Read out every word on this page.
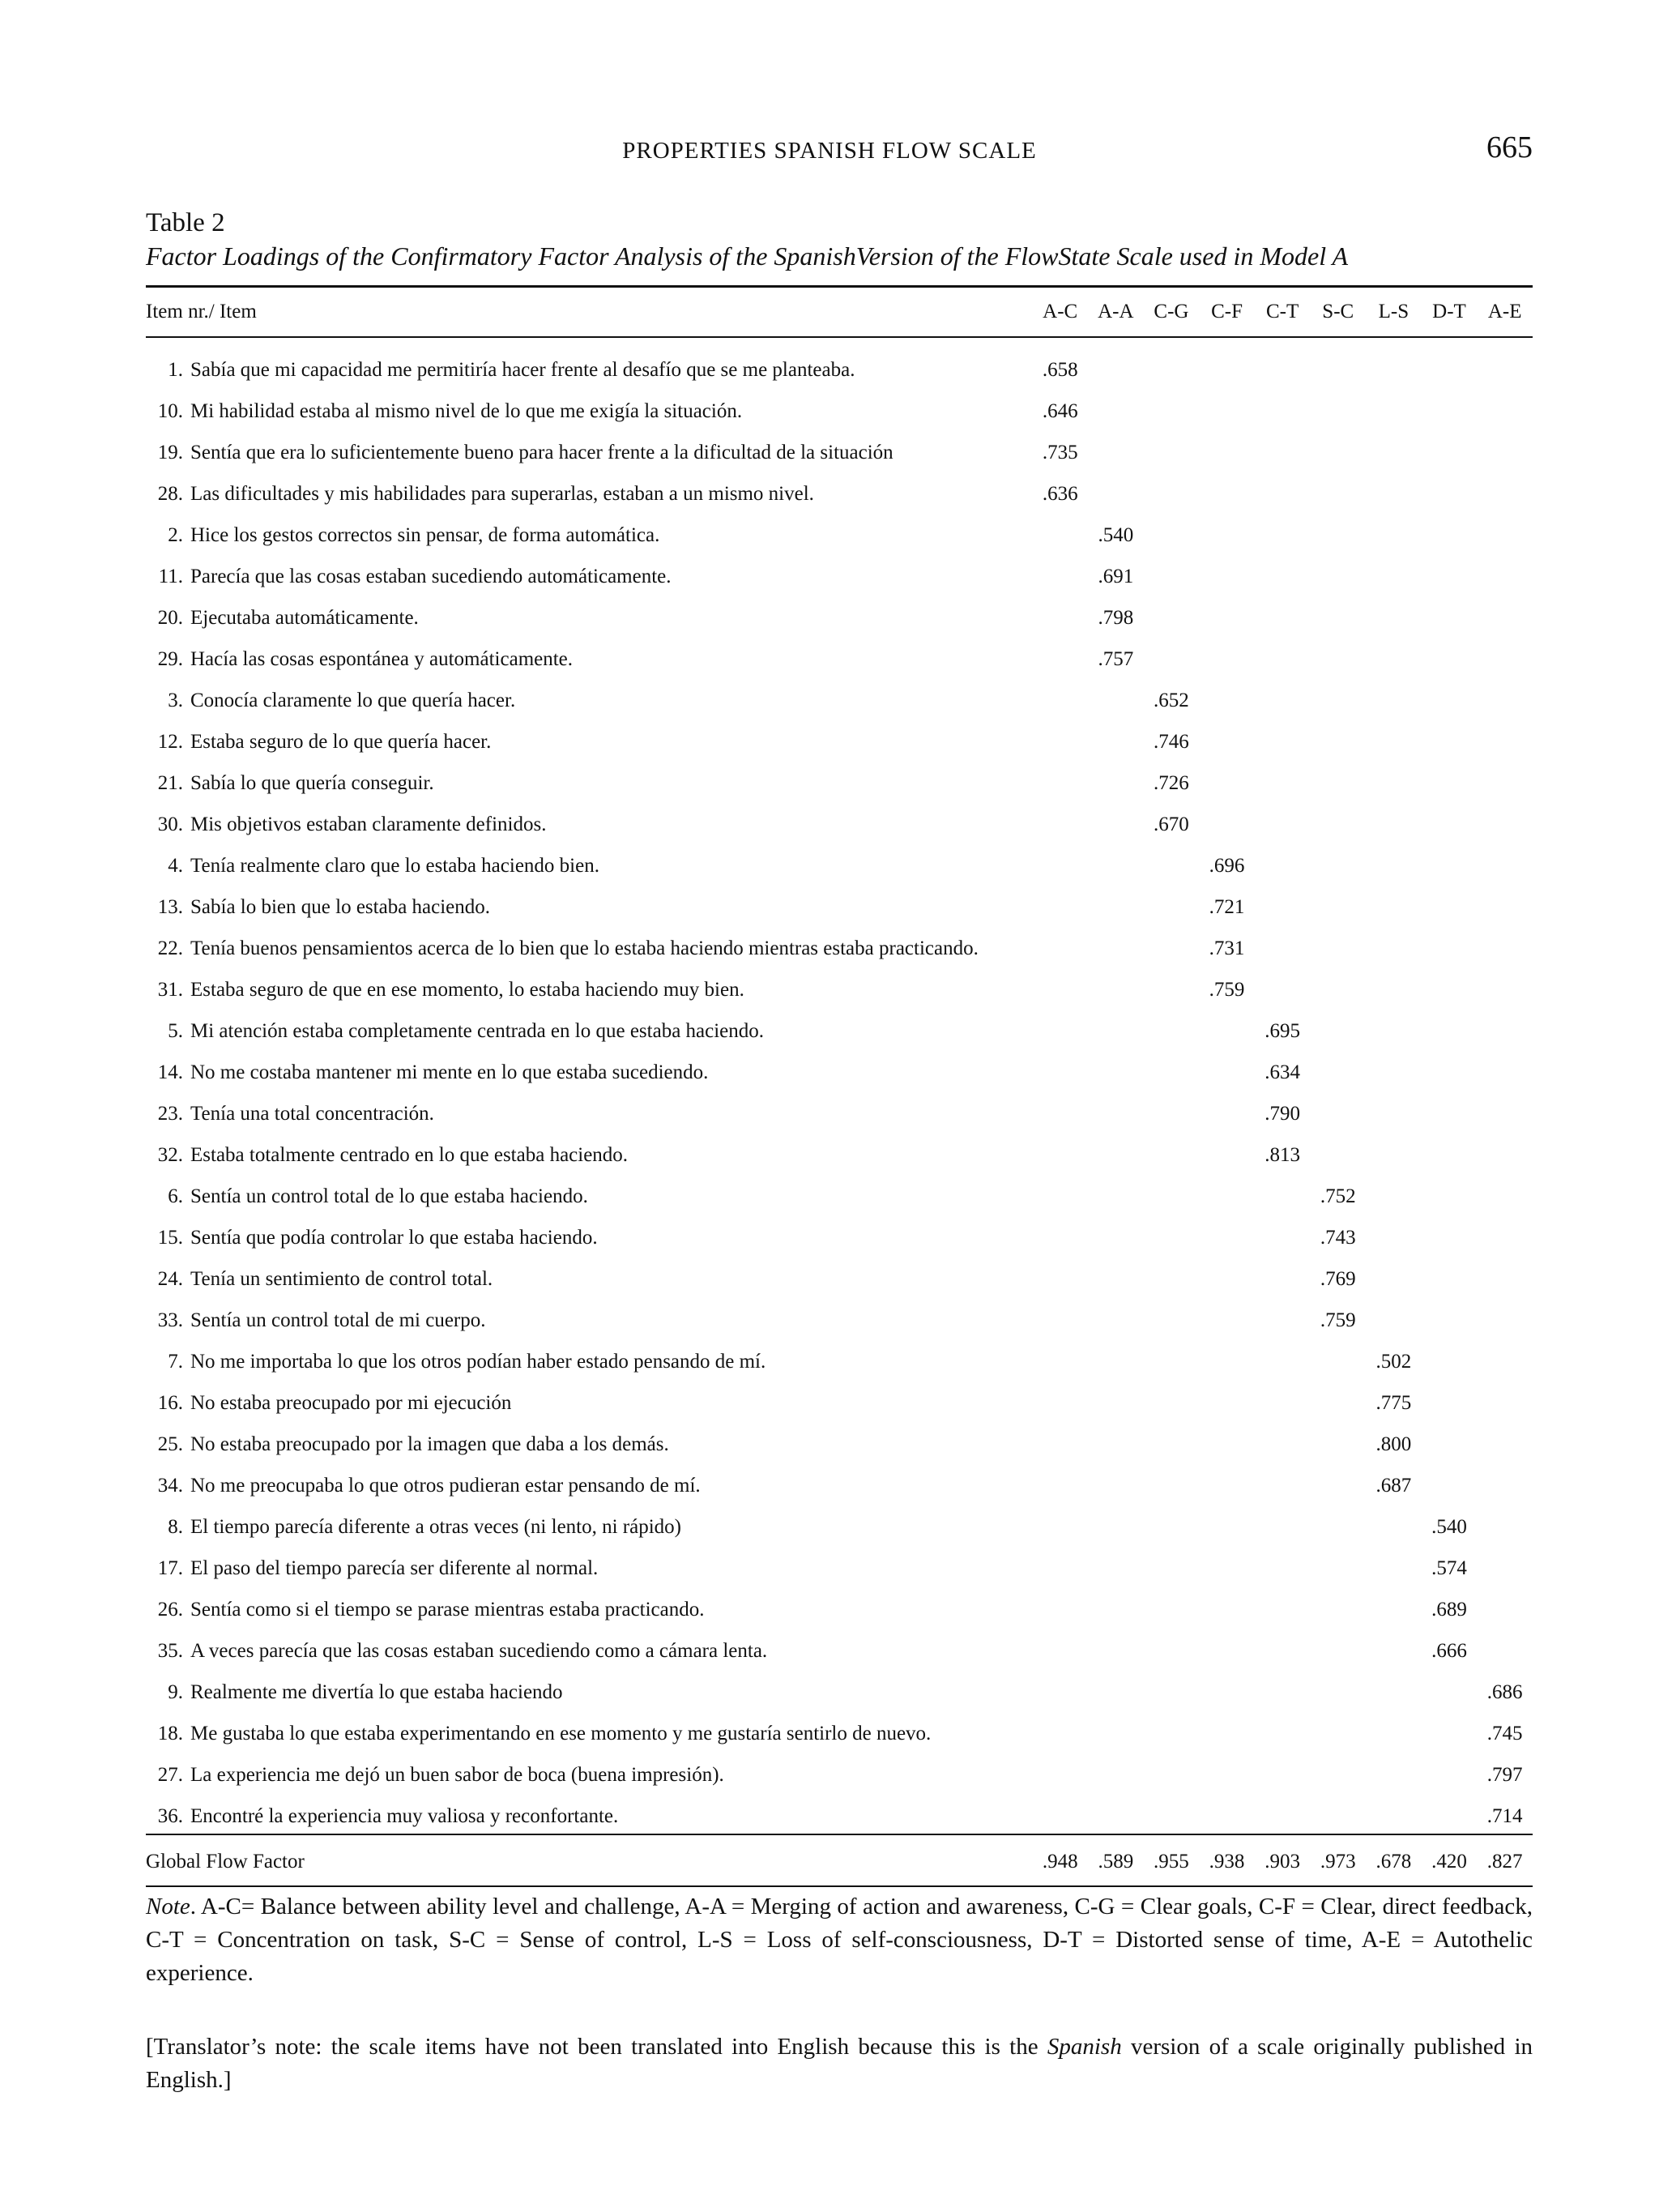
PROPERTIES SPANISH FLOW SCALE	665
Table 2
Factor Loadings of the Confirmatory Factor Analysis of the SpanishVersion of the FlowState Scale used in Model A
Item nr./ Item	A-C	A-A	C-G	C-F	C-T	S-C	L-S	D-T	A-E

1. Sabía que mi capacidad me permitiría hacer frente al desafío que se me planteaba.	.658								
10. Mi habilidad estaba al mismo nivel de lo que me exigía la situación.	.646								
19. Sentía que era lo suficientemente bueno para hacer frente a la dificultad de la situación	.735								
28. Las dificultades y mis habilidades para superarlas, estaban a un mismo nivel.	.636								
2. Hice los gestos correctos sin pensar, de forma automática.		.540							
11. Parecía que las cosas estaban sucediendo automáticamente.		.691							
20. Ejecutaba automáticamente.		.798							
29. Hacía las cosas espontánea y automáticamente.		.757							
3. Conocía claramente lo que quería hacer.			.652						
12. Estaba seguro de lo que quería hacer.			.746						
21. Sabía lo que quería conseguir.			.726						
30. Mis objetivos estaban claramente definidos.			.670						
4. Tenía realmente claro que lo estaba haciendo bien.				.696					
13. Sabía lo bien que lo estaba haciendo.				.721					
22. Tenía buenos pensamientos acerca de lo bien que lo estaba haciendo mientras estaba practicando.				.731					
31. Estaba seguro de que en ese momento, lo estaba haciendo muy bien.				.759					
5. Mi atención estaba completamente centrada en lo que estaba haciendo.					.695				
14. No me costaba mantener mi mente en lo que estaba sucediendo.					.634				
23. Tenía una total concentración.					.790				
32. Estaba totalmente centrado en lo que estaba haciendo.					.813				
6. Sentía un control total de lo que estaba haciendo.						.752			
15. Sentía que podía controlar lo que estaba haciendo.						.743			
24. Tenía un sentimiento de control total.						.769			
33. Sentía un control total de mi cuerpo.						.759			
7. No me importaba lo que los otros podían haber estado pensando de mí.							.502		
16. No estaba preocupado por mi ejecución							.775		
25. No estaba preocupado por la imagen que daba a los demás.							.800		
34. No me preocupaba lo que otros pudieran estar pensando de mí.							.687		
8. El tiempo parecía diferente a otras veces (ni lento, ni rápido)								.540	
17. El paso del tiempo parecía ser diferente al normal.								.574	
26. Sentía como si el tiempo se parase mientras estaba practicando.								.689	
35. A veces parecía que las cosas estaban sucediendo como a cámara lenta.								.666	
9. Realmente me divertía lo que estaba haciendo									.686
18. Me gustaba lo que estaba experimentando en ese momento y me gustaría sentirlo de nuevo.									.745
27. La experiencia me dejó un buen sabor de boca (buena impresión).									.797
36. Encontré la experiencia muy valiosa y reconfortante.									.714
Global Flow Factor	.948	.589	.955	.938	.903	.973	.678	.420	.827
Note. A-C= Balance between ability level and challenge, A-A = Merging of action and awareness, C-G = Clear goals, C-F = Clear, direct feedback, C-T = Concentration on task, S-C = Sense of control, L-S = Loss of self-consciousness, D-T = Distorted sense of time, A-E = Autothelic experience.
[Translator’s note: the scale items have not been translated into English because this is the Spanish version of a scale originally published in English.]
